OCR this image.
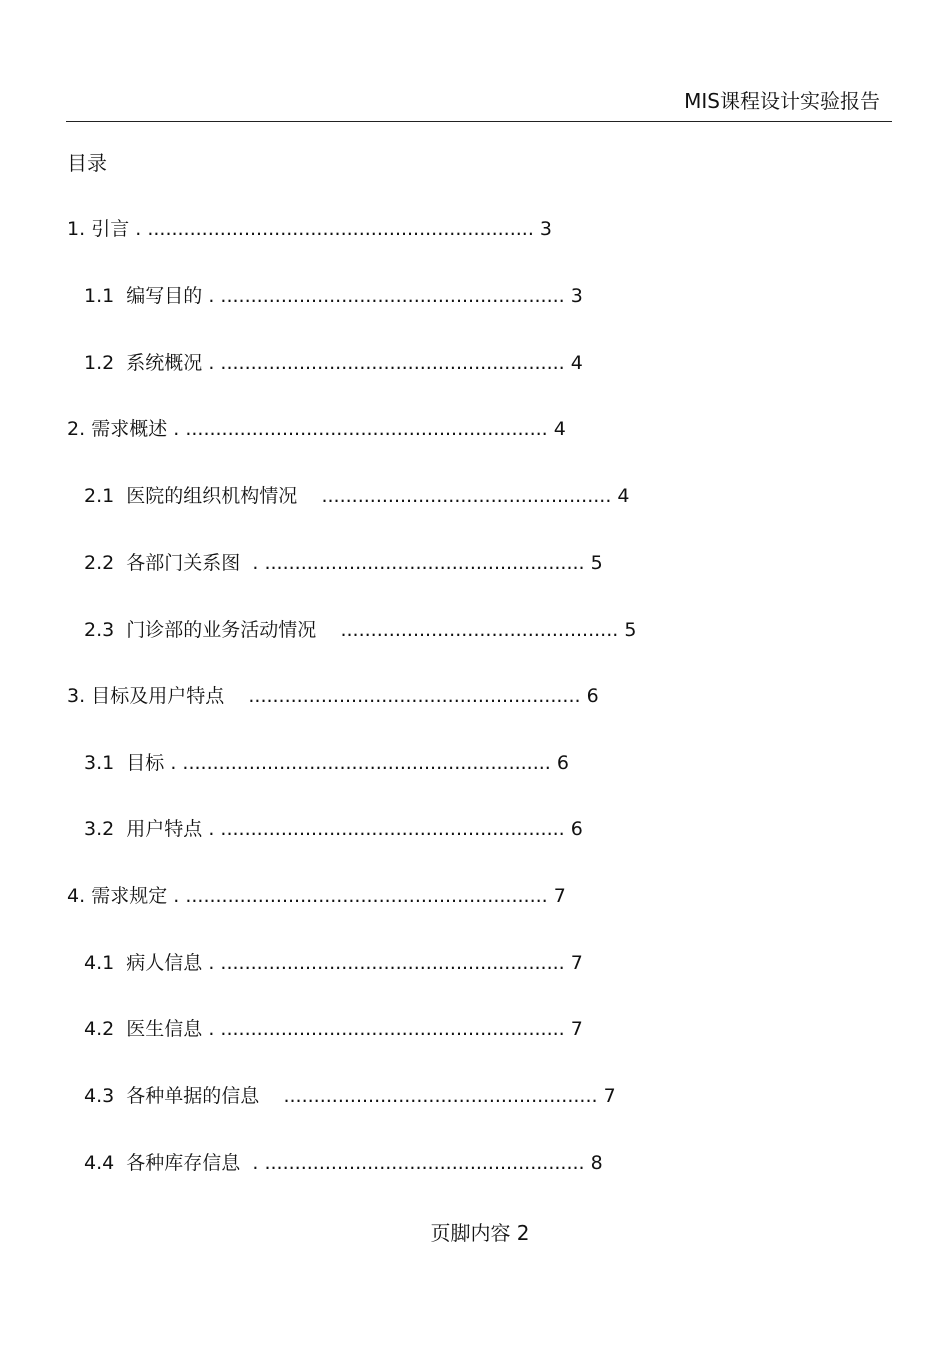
MIS课程设计实验报告
目录
1. 引言 . ................................................................ 3
1.1  编写目的 . ......................................................... 3
1.2  系统概况 . ......................................................... 4
2. 需求概述 . ............................................................ 4
2.1  医院的组织机构情况    ................................................ 4
2.2  各部门关系图  . ..................................................... 5
2.3  门诊部的业务活动情况    .............................................. 5
3. 目标及用户特点    ....................................................... 6
3.1  目标 . ............................................................. 6
3.2  用户特点 . ......................................................... 6
4. 需求规定 . ............................................................ 7
4.1  病人信息 . ......................................................... 7
4.2  医生信息 . ......................................................... 7
4.3  各种单据的信息    .................................................... 7
4.4  各种库存信息  . ..................................................... 8
页脚内容 2
